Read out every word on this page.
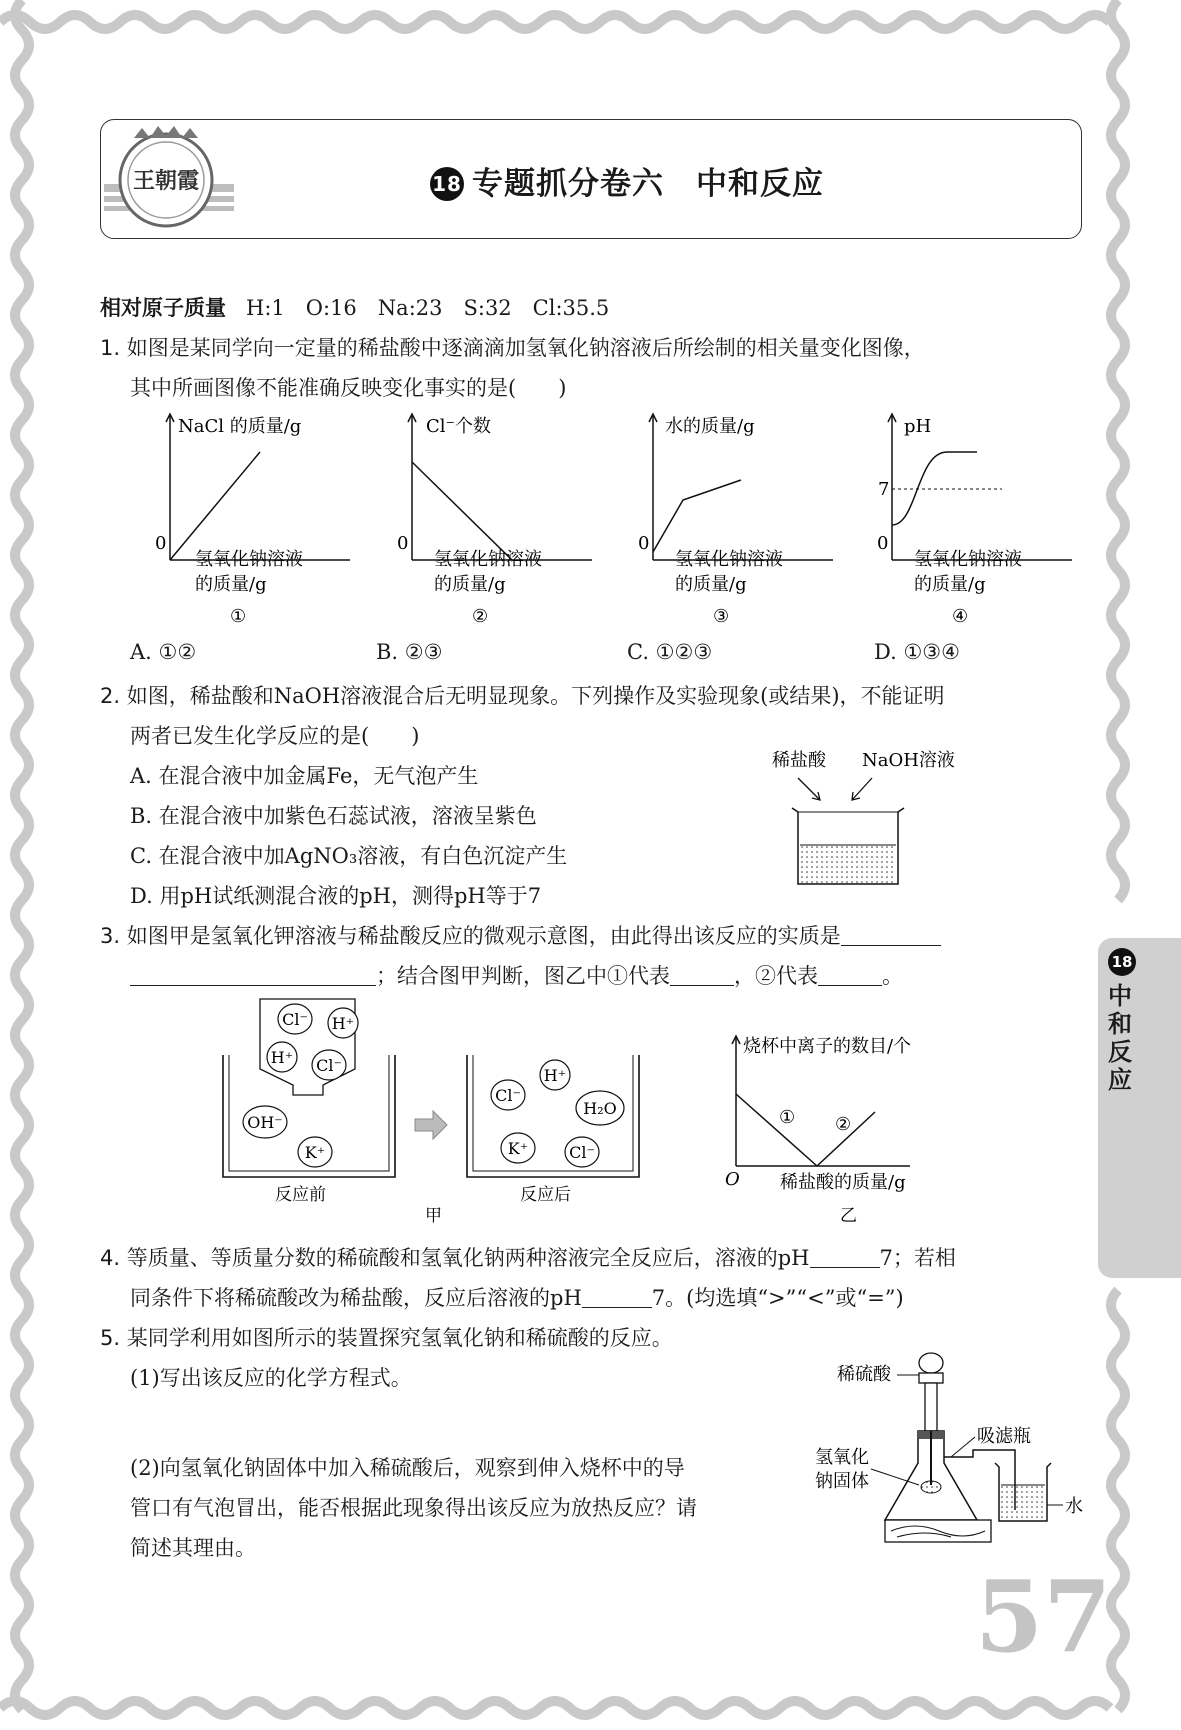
王朝霞	18 专题抓分卷六　中和反应
18
中和反应
相对原子质量 H:1　O:16　Na:23　S:32　Cl:35.5
1. 如图是某同学向一定量的稀盐酸中逐滴滴加氢氧化钠溶液后所绘制的相关量变化图像，
其中所画图像不能准确反映变化事实的是(　　)
NaCl 的质量/g
0
氢氧化钠溶液
的质量/g
①
Cl⁻个数
0
氢氧化钠溶液
的质量/g
②
水的质量/g
0
氢氧化钠溶液
的质量/g
③
pH
7
0
氢氧化钠溶液
的质量/g
④
A. ①②	B. ②③	C. ①②③	D. ①③④
2. 如图，稀盐酸和NaOH溶液混合后无明显现象。下列操作及实验现象(或结果)，不能证明
两者已发生化学反应的是(　　)
A. 在混合液中加金属Fe，无气泡产生
B. 在混合液中加紫色石蕊试液，溶液呈紫色
C. 在混合液中加AgNO₃溶液，有白色沉淀产生
D. 用pH试纸测混合液的pH，测得pH等于7
稀盐酸 NaOH溶液
3. 如图甲是氢氧化钾溶液与稀盐酸反应的微观示意图，由此得出该反应的实质是
；结合图甲判断，图乙中①代表	，②代表	。
Cl⁻ H⁺
H⁺ Cl⁻
OH⁻
K⁺
反应前
H⁺
Cl⁻
H₂O
K⁺	Cl⁻
反应后
甲
烧杯中离子的数目/个
O 稀盐酸的质量/g
① ②
乙
4. 等质量、等质量分数的稀硫酸和氢氧化钠两种溶液完全反应后，溶液的pH	7；若相
同条件下将稀硫酸改为稀盐酸，反应后溶液的pH	7。(均选填“>”“<”或“=”)
5. 某同学利用如图所示的装置探究氢氧化钠和稀硫酸的反应。
(1)写出该反应的化学方程式。
(2)向氢氧化钠固体中加入稀硫酸后，观察到伸入烧杯中的导
管口有气泡冒出，能否根据此现象得出该反应为放热反应？请
简述其理由。
稀硫酸
吸滤瓶
水
氢氧化
钠固体
57
